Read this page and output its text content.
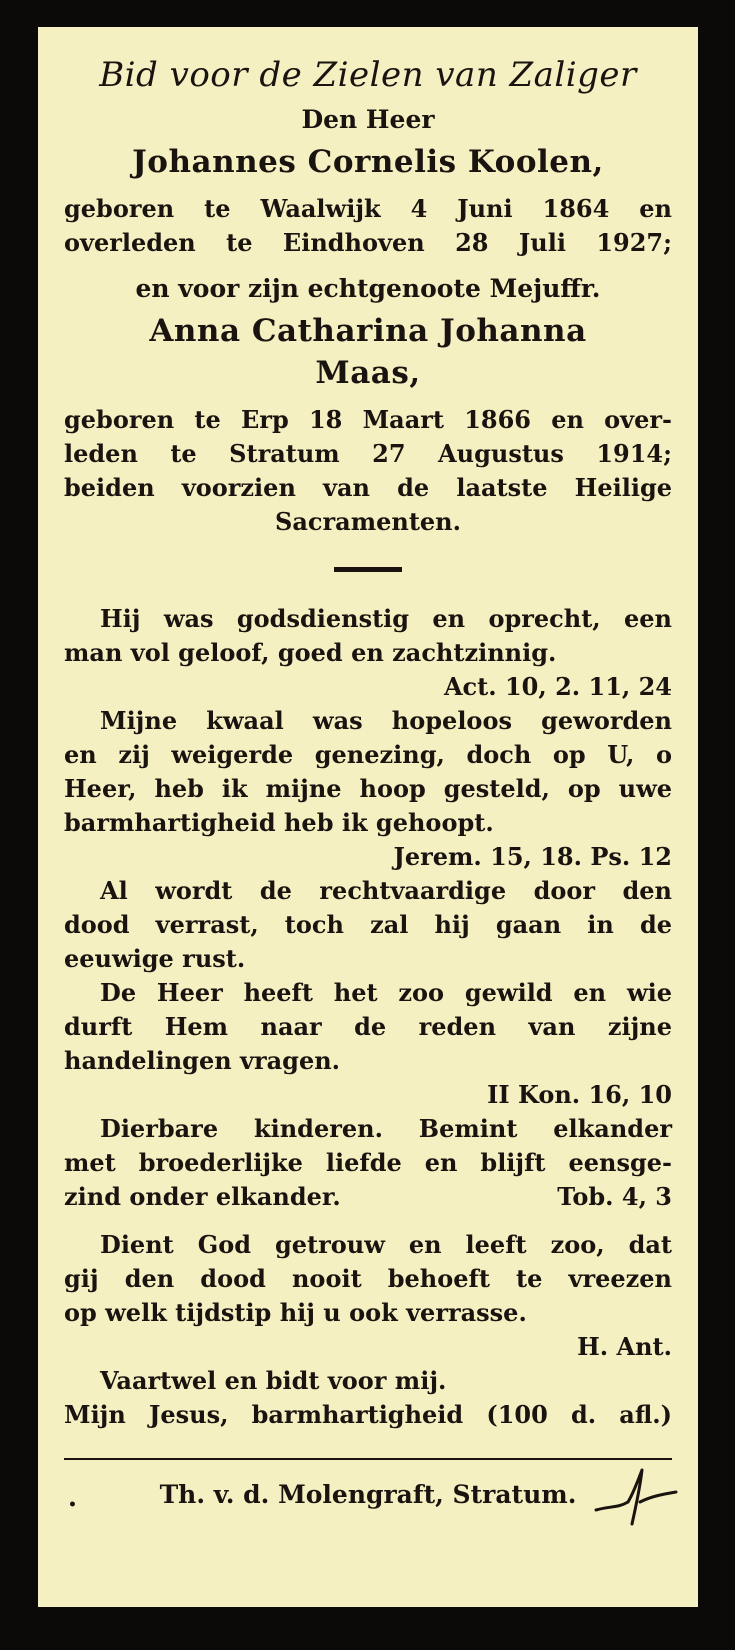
Bid voor de Zielen van Zaliger
Den Heer
Johannes Cornelis Koolen,
geboren te Waalwijk 4 Juni 1864 en
overleden te Eindhoven 28 Juli 1927;
en voor zijn echtgenoote Mejuffr.
Anna Catharina Johanna
Maas,
geboren te Erp 18 Maart 1866 en over-
leden te Stratum 27 Augustus 1914;
beiden voorzien van de laatste Heilige
Sacramenten.
Hij was godsdienstig en oprecht, een
man vol geloof, goed en zachtzinnig.
Act. 10, 2. 11, 24
Mijne kwaal was hopeloos geworden
en zij weigerde genezing, doch op U, o
Heer, heb ik mijne hoop gesteld, op uwe
barmhartigheid heb ik gehoopt.
Jerem. 15, 18. Ps. 12
Al wordt de rechtvaardige door den
dood verrast, toch zal hij gaan in de
eeuwige rust.
De Heer heeft het zoo gewild en wie
durft Hem naar de reden van zijne
handelingen vragen.
II Kon. 16, 10
Dierbare kinderen. Bemint elkander
met broederlijke liefde en blijft eensge-
zind onder elkander.	Tob. 4, 3
Dient God getrouw en leeft zoo, dat
gij den dood nooit behoeft te vreezen
op welk tijdstip hij u ook verrasse.
H. Ant.
Vaartwel en bidt voor mij.
Mijn Jesus, barmhartigheid (100 d. afl.)
•	Th. v. d. Molengraft, Stratum.
